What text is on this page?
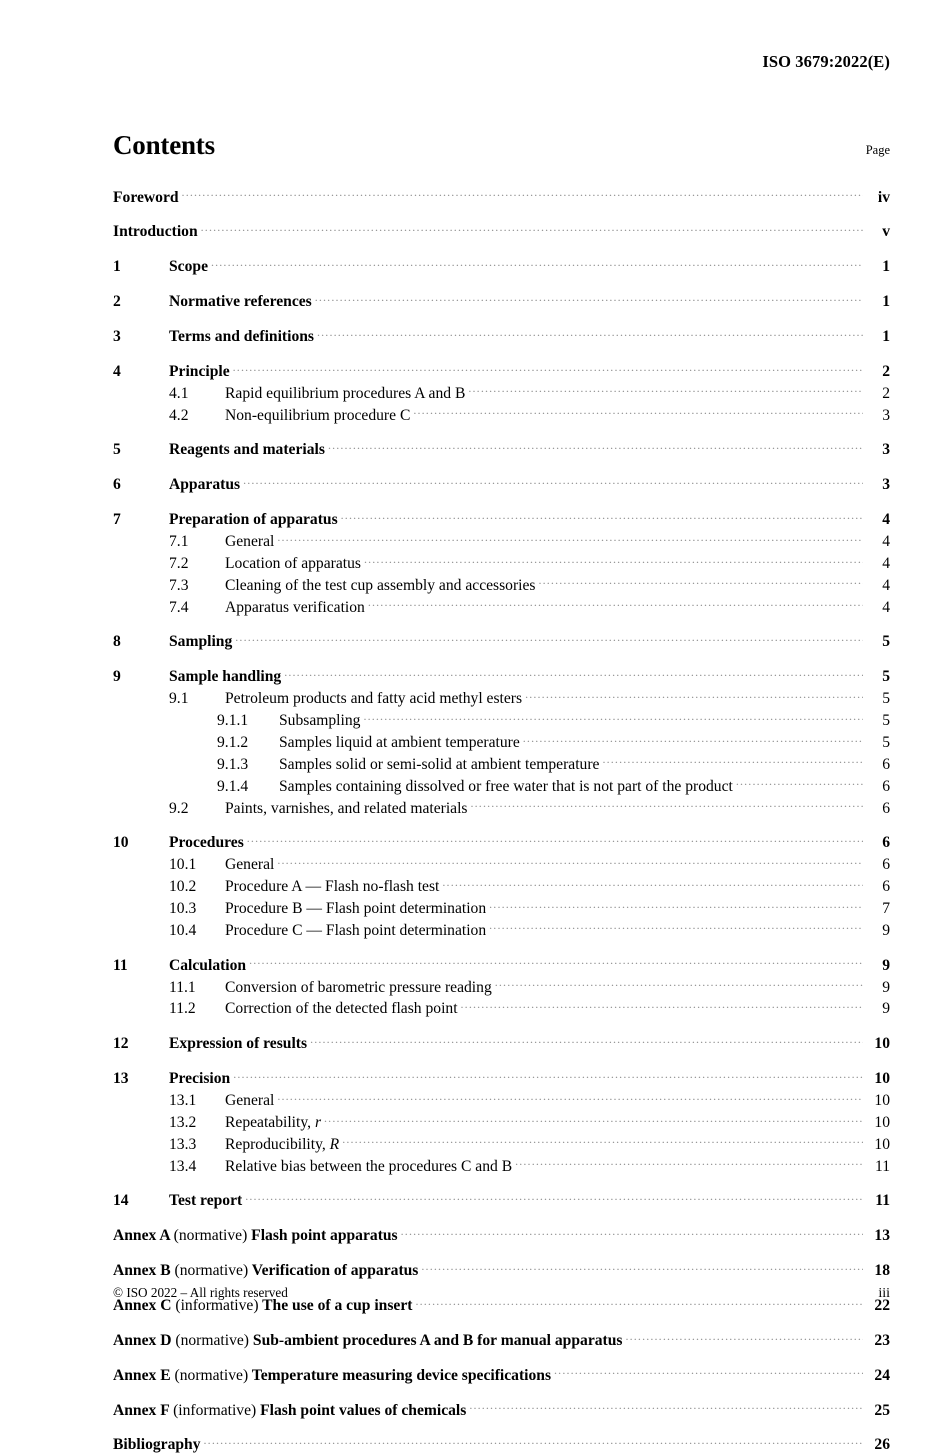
ISO 3679:2022(E)
Contents	Page
Foreword .....	iv
Introduction .....	v
1	Scope .....	1
2	Normative references .....	1
3	Terms and definitions .....	1
4	Principle .....	2
4.1	Rapid equilibrium procedures A and B .....	2
4.2	Non-equilibrium procedure C .....	3
5	Reagents and materials .....	3
6	Apparatus .....	3
7	Preparation of apparatus .....	4
7.1	General .....	4
7.2	Location of apparatus .....	4
7.3	Cleaning of the test cup assembly and accessories .....	4
7.4	Apparatus verification .....	4
8	Sampling .....	5
9	Sample handling .....	5
9.1	Petroleum products and fatty acid methyl esters .....	5
9.1.1	Subsampling .....	5
9.1.2	Samples liquid at ambient temperature .....	5
9.1.3	Samples solid or semi-solid at ambient temperature .....	6
9.1.4	Samples containing dissolved or free water that is not part of the product .....	6
9.2	Paints, varnishes, and related materials .....	6
10	Procedures .....	6
10.1	General .....	6
10.2	Procedure A — Flash no-flash test .....	6
10.3	Procedure B — Flash point determination .....	7
10.4	Procedure C — Flash point determination .....	9
11	Calculation .....	9
11.1	Conversion of barometric pressure reading .....	9
11.2	Correction of the detected flash point .....	9
12	Expression of results .....	10
13	Precision .....	10
13.1	General .....	10
13.2	Repeatability, r .....	10
13.3	Reproducibility, R .....	10
13.4	Relative bias between the procedures C and B .....	11
14	Test report .....	11
Annex A (normative) Flash point apparatus .....	13
Annex B (normative) Verification of apparatus .....	18
Annex C (informative) The use of a cup insert .....	22
Annex D (normative) Sub-ambient procedures A and B for manual apparatus .....	23
Annex E (normative) Temperature measuring device specifications .....	24
Annex F (informative) Flash point values of chemicals .....	25
Bibliography .....	26
© ISO 2022 – All rights reserved	iii
